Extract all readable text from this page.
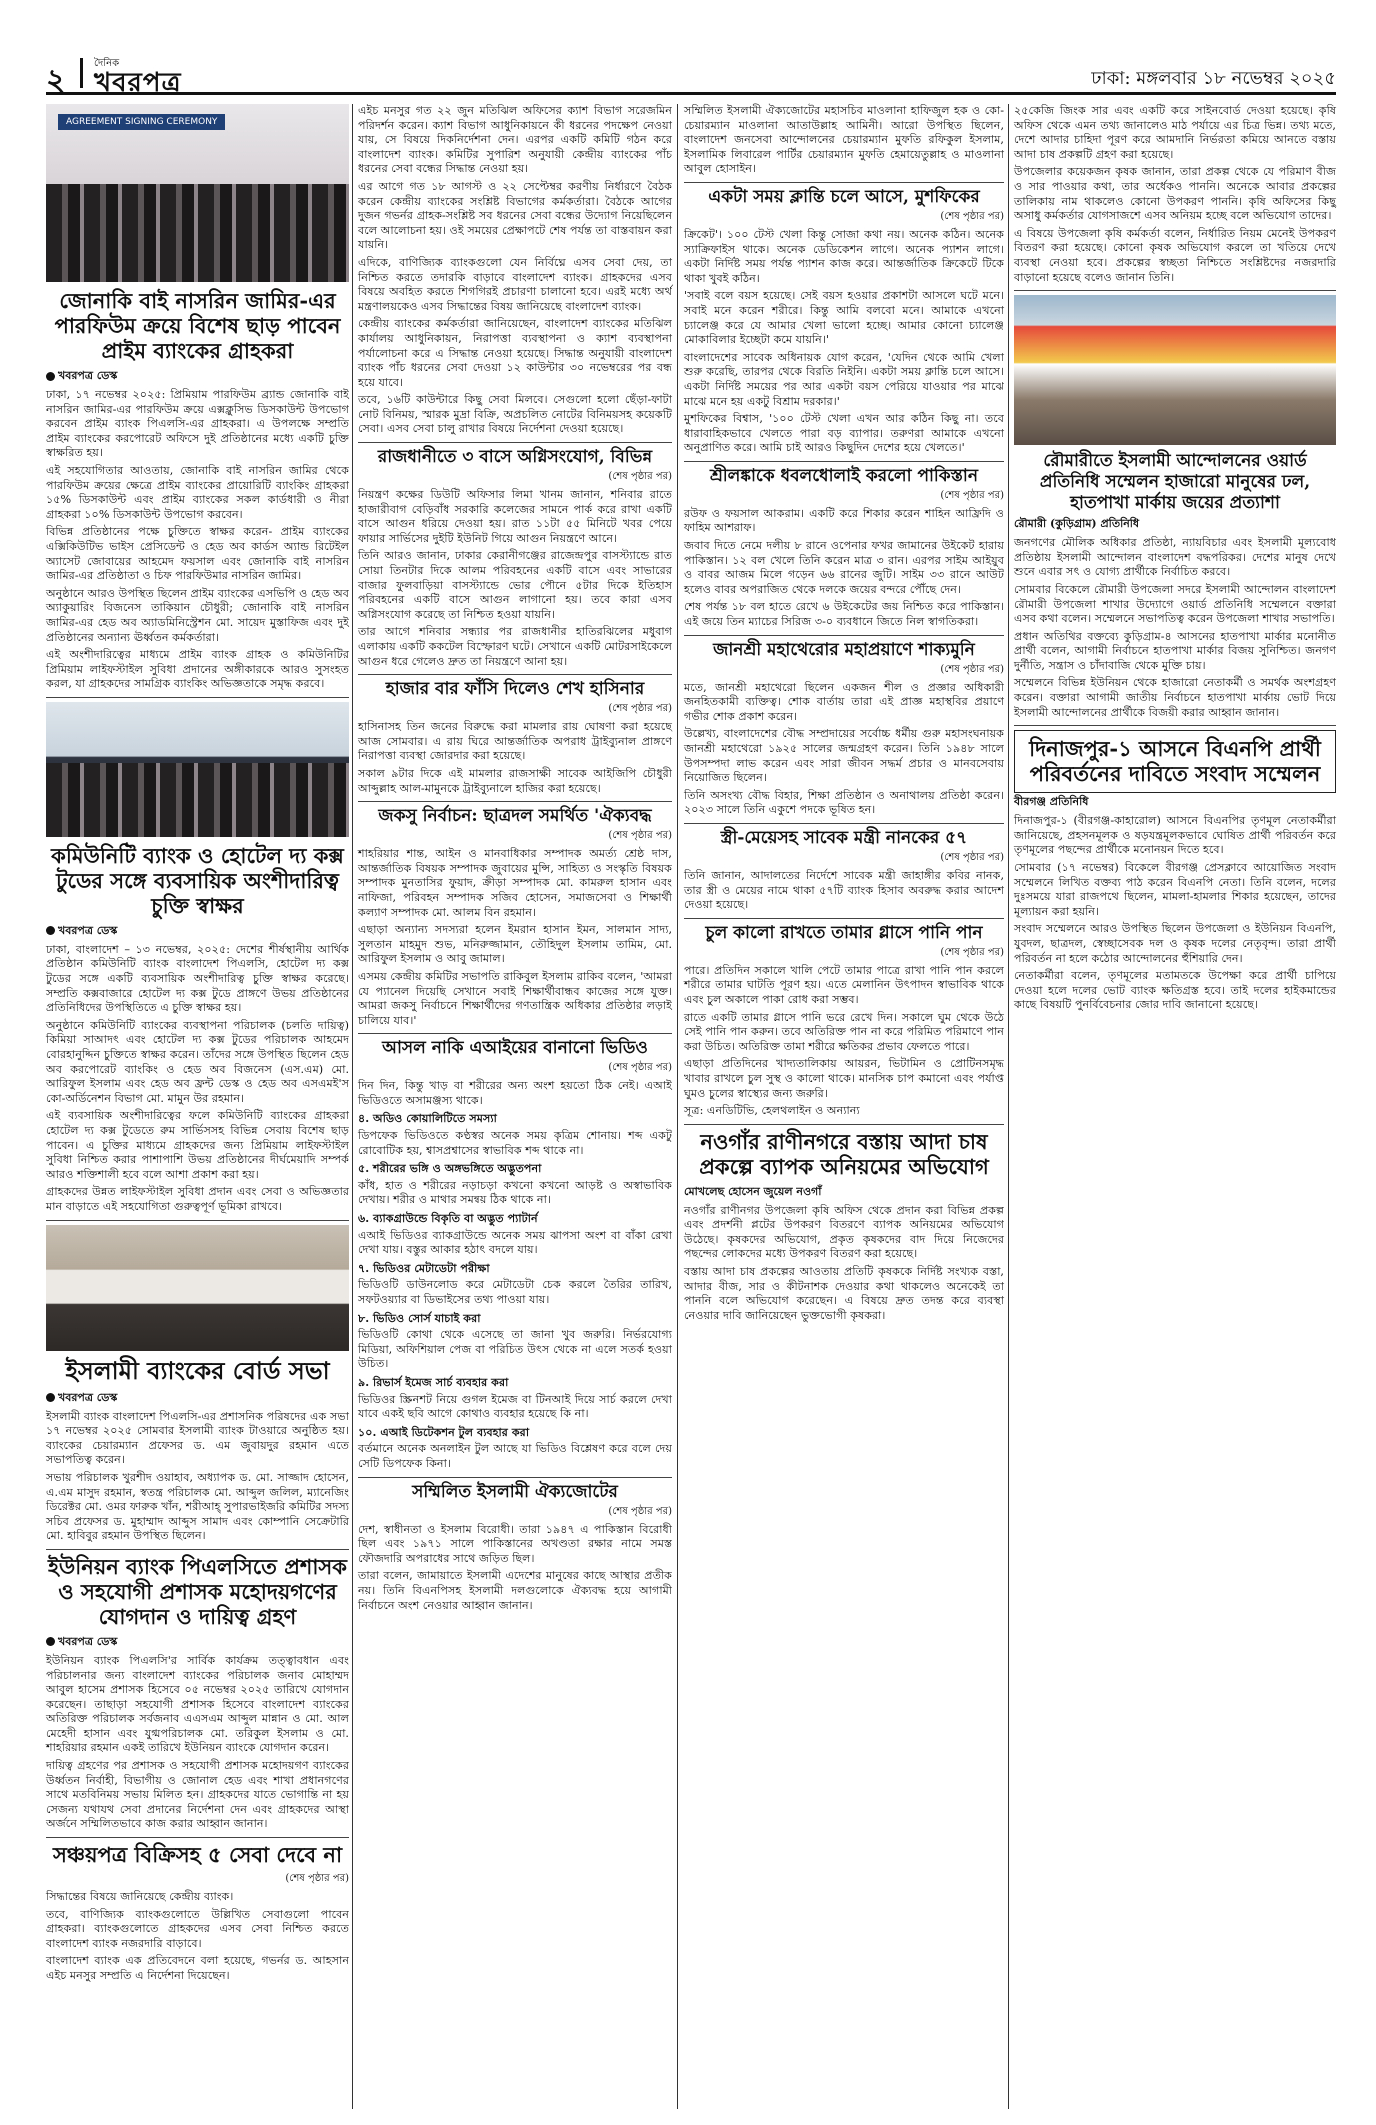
২	দৈনিক
খবরপত্র	ঢাকা: মঙ্গলবার ১৮ নভেম্বর ২০২৫
AGREEMENT SIGNING CEREMONY
জোনাকি বাই নাসরিন জামির-এর পারফিউম ক্রয়ে বিশেষ ছাড় পাবেন প্রাইম ব্যাংকের গ্রাহকরা
খবরপত্র ডেস্ক

ঢাকা, ১৭ নভেম্বর ২০২৫: প্রিমিয়াম পারফিউম ব্র্যান্ড জোনাকি বাই নাসরিন জামির-এর পারফিউম ক্রয়ে এক্সক্লুসিভ ডিসকাউন্ট উপভোগ করবেন প্রাইম ব্যাংক পিএলসি-এর গ্রাহকরা। এ উপলক্ষে সম্প্রতি প্রাইম ব্যাংকের করপোরেট অফিসে দুই প্রতিষ্ঠানের মধ্যে একটি চুক্তি স্বাক্ষরিত হয়।

এই সহযোগিতার আওতায়, জোনাকি বাই নাসরিন জামির থেকে পারফিউম ক্রয়ের ক্ষেত্রে প্রাইম ব্যাংকের প্রায়োরিটি ব্যাংকিং গ্রাহকরা ১৫% ডিসকাউন্ট এবং প্রাইম ব্যাংকের সকল কার্ডধারী ও নীরা গ্রাহকরা ১০% ডিসকাউন্ট উপভোগ করবেন।

বিভিন্ন প্রতিষ্ঠানের পক্ষে চুক্তিতে স্বাক্ষর করেন- প্রাইম ব্যাংকের এক্সিকিউটিভ ভাইস প্রেসিডেন্ট ও হেড অব কার্ডস অ্যান্ড রিটেইল অ্যাসেট জোবায়ের আহমেদ ফয়সাল এবং জোনাকি বাই নাসরিন জামির-এর প্রতিষ্ঠাতা ও চিফ পারফিউমার নাসরিন জামির।

অনুষ্ঠানে আরও উপস্থিত ছিলেন প্রাইম ব্যাংকের এসভিপি ও হেড অব অ্যাকুয়ারিং বিজনেস তাকিয়ান চৌধুরী; জোনাকি বাই নাসরিন জামির-এর হেড অব অ্যাডমিনিস্ট্রেশন মো. সায়েদ মুস্তাফিজ এবং দুই প্রতিষ্ঠানের অন্যান্য ঊর্ধ্বতন কর্মকর্তারা।

এই অংশীদারিত্বের মাধ্যমে প্রাইম ব্যাংক গ্রাহক ও কমিউনিটির প্রিমিয়াম লাইফস্টাইল সুবিধা প্রদানের অঙ্গীকারকে আরও সুসংহত করল, যা গ্রাহকদের সামগ্রিক ব্যাংকিং অভিজ্ঞতাকে সমৃদ্ধ করবে।

কমিউনিটি ব্যাংক ও হোটেল দ্য কক্স টুডের সঙ্গে ব্যবসায়িক অংশীদারিত্ব চুক্তি স্বাক্ষর
খবরপত্র ডেস্ক

ঢাকা, বাংলাদেশ – ১৩ নভেম্বর, ২০২৫: দেশের শীর্ষস্থানীয় আর্থিক প্রতিষ্ঠান কমিউনিটি ব্যাংক বাংলাদেশ পিএলসি, হোটেল দ্য কক্স টুডের সঙ্গে একটি ব্যবসায়িক অংশীদারিত্ব চুক্তি স্বাক্ষর করেছে। সম্প্রতি কক্সবাজারে হোটেল দ্য কক্স টুডে প্রাঙ্গণে উভয় প্রতিষ্ঠানের প্রতিনিধিদের উপস্থিতিতে এ চুক্তি স্বাক্ষর হয়।

অনুষ্ঠানে কমিউনিটি ব্যাংকের ব্যবস্থাপনা পরিচালক (চলতি দায়িত্ব) কিমিয়া সাআদৎ এবং হোটেল দ্য কক্স টুডের পরিচালক আহমেদ বোরহানুদ্দিন চুক্তিতে স্বাক্ষর করেন। তাঁদের সঙ্গে উপস্থিত ছিলেন হেড অব করপোরেট ব্যাংকিং ও হেড অব বিজনেস (এস.এম) মো. আরিফুল ইসলাম এবং হেড অব ফ্রন্ট ডেস্ক ও হেড অব এসএমই'স কো-অর্ডিনেশন বিভাগ মো. মামুন উর রহমান।

এই ব্যবসায়িক অংশীদারিত্বের ফলে কমিউনিটি ব্যাংকের গ্রাহকরা হোটেল দ্য কক্স টুডেতে রুম সার্ভিসসহ বিভিন্ন সেবায় বিশেষ ছাড় পাবেন। এ চুক্তির মাধ্যমে গ্রাহকদের জন্য প্রিমিয়াম লাইফস্টাইল সুবিধা নিশ্চিত করার পাশাপাশি উভয় প্রতিষ্ঠানের দীর্ঘমেয়াদি সম্পর্ক আরও শক্তিশালী হবে বলে আশা প্রকাশ করা হয়।

গ্রাহকদের উন্নত লাইফস্টাইল সুবিধা প্রদান এবং সেবা ও অভিজ্ঞতার মান বাড়াতে এই সহযোগিতা গুরুত্বপূর্ণ ভূমিকা রাখবে।

ইসলামী ব্যাংকের বোর্ড সভা
খবরপত্র ডেস্ক

ইসলামী ব্যাংক বাংলাদেশ পিএলসি-এর প্রশাসনিক পরিষদের এক সভা ১৭ নভেম্বর ২০২৫ সোমবার ইসলামী ব্যাংক টাওয়ারে অনুষ্ঠিত হয়। ব্যাংকের চেয়ারম্যান প্রফেসর ড. এম জুবায়দুর রহমান এতে সভাপতিত্ব করেন।

সভায় পরিচালক খুরশীদ ওয়াহাব, অধ্যাপক ড. মো. সাজ্জাদ হোসেন, এ.এম মাসুদ রহমান, স্বতন্ত্র পরিচালক মো. আব্দুল জলিল, ম্যানেজিং ডিরেক্টর মো. ওমর ফারুক খাঁন, শরীআহ্ সুপারভাইজরি কমিটির সদস্য সচিব প্রফেসর ড. মুহাম্মাদ আব্দুস সামাদ এবং কোম্পানি সেক্রেটারি মো. হাবিবুর রহমান উপস্থিত ছিলেন।

ইউনিয়ন ব্যাংক পিএলসিতে প্রশাসক ও সহযোগী প্রশাসক মহোদয়গণের যোগদান ও দায়িত্ব গ্রহণ
খবরপত্র ডেস্ক

ইউনিয়ন ব্যাংক পিএলসি'র সার্বিক কার্যক্রম তত্ত্বাবধান এবং পরিচালনার জন্য বাংলাদেশ ব্যাংকের পরিচালক জনাব মোহাম্মদ আবুল হাসেম প্রশাসক হিসেবে ০৫ নভেম্বর ২০২৫ তারিখে যোগদান করেছেন। তাছাড়া সহযোগী প্রশাসক হিসেবে বাংলাদেশ ব্যাংকের অতিরিক্ত পরিচালক সর্বজনাব এএসএম আব্দুল মান্নান ও মো. আল মেহেদী হাসান এবং যুগ্মপরিচালক মো. তরিকুল ইসলাম ও মো. শাহরিয়ার রহমান একই তারিখে ইউনিয়ন ব্যাংকে যোগদান করেন।

দায়িত্ব গ্রহণের পর প্রশাসক ও সহযোগী প্রশাসক মহোদয়গণ ব্যাংকের উর্ধ্বতন নির্বাহী, বিভাগীয় ও জোনাল হেড এবং শাখা প্রধানগণের সাথে মতবিনিময় সভায় মিলিত হন। গ্রাহকদের যাতে ভোগান্তি না হয় সেজন্য যথাযথ সেবা প্রদানের নির্দেশনা দেন এবং গ্রাহকদের আস্থা অর্জনে সম্মিলিতভাবে কাজ করার আহ্বান জানান।

সঞ্চয়পত্র বিক্রিসহ ৫ সেবা দেবে না
(শেষ পৃষ্ঠার পর)

সিদ্ধান্তের বিষয়ে জানিয়েছে কেন্দ্রীয় ব্যাংক।

তবে, বাণিজ্যিক ব্যাংকগুলোতে উল্লিখিত সেবাগুলো পাবেন গ্রাহকরা। ব্যাংকগুলোতে গ্রাহকদের এসব সেবা নিশ্চিত করতে বাংলাদেশ ব্যাংক নজরদারি বাড়াবে।

বাংলাদেশ ব্যাংক এক প্রতিবেদনে বলা হয়েছে, গভর্নর ড. আহসান এইচ মনসুর সম্প্রতি এ নির্দেশনা দিয়েছেন।

এইচ মনসুর গত ২২ জুন মতিঝিল অফিসের ক্যাশ বিভাগ সরেজমিন পরিদর্শন করেন। ক্যাশ বিভাগ আধুনিকায়নে কী ধরনের পদক্ষেপ নেওয়া যায়, সে বিষয়ে দিকনির্দেশনা দেন। এরপর একটি কমিটি গঠন করে বাংলাদেশ ব্যাংক। কমিটির সুপারিশ অনুযায়ী কেন্দ্রীয় ব্যাংকের পাঁচ ধরনের সেবা বন্ধের সিদ্ধান্ত নেওয়া হয়।

এর আগে গত ১৮ আগস্ট ও ২২ সেপ্টেম্বর করণীয় নির্ধারণে বৈঠক করেন কেন্দ্রীয় ব্যাংকের সংশ্লিষ্ট বিভাগের কর্মকর্তারা। বৈঠকে আগের দুজন গভর্নর গ্রাহক-সংশ্লিষ্ট সব ধরনের সেবা বন্ধের উদ্যোগ নিয়েছিলেন বলে আলোচনা হয়। ওই সময়ের প্রেক্ষাপটে শেষ পর্যন্ত তা বাস্তবায়ন করা যায়নি।

এদিকে, বাণিজ্যিক ব্যাংকগুলো যেন নির্বিঘ্নে এসব সেবা দেয়, তা নিশ্চিত করতে তদারকি বাড়াবে বাংলাদেশ ব্যাংক। গ্রাহকদের এসব বিষয়ে অবহিত করতে শিগগিরই প্রচারণা চালানো হবে। এরই মধ্যে অর্থ মন্ত্রণালয়কেও এসব সিদ্ধান্তের বিষয় জানিয়েছে বাংলাদেশ ব্যাংক।

কেন্দ্রীয় ব্যাংকের কর্মকর্তারা জানিয়েছেন, বাংলাদেশ ব্যাংকের মতিঝিল কার্যালয় আধুনিকায়ন, নিরাপত্তা ব্যবস্থাপনা ও ক্যাশ ব্যবস্থাপনা পর্যালোচনা করে এ সিদ্ধান্ত নেওয়া হয়েছে। সিদ্ধান্ত অনুযায়ী বাংলাদেশ ব্যাংক পাঁচ ধরনের সেবা দেওয়া ১২ কাউন্টার ৩০ নভেম্বরের পর বন্ধ হয়ে যাবে।

তবে, ১৬টি কাউন্টারে কিছু সেবা মিলবে। সেগুলো হলো ছেঁড়া-ফাটা নোট বিনিময়, স্মারক মুদ্রা বিক্রি, অপ্রচলিত নোটের বিনিময়সহ কয়েকটি সেবা। এসব সেবা চালু রাখার বিষয়ে নির্দেশনা দেওয়া হয়েছে।

রাজধানীতে ৩ বাসে অগ্নিসংযোগ, বিভিন্ন
(শেষ পৃষ্ঠার পর)

নিয়ন্ত্রণ কক্ষের ডিউটি অফিসার লিমা খানম জানান, শনিবার রাতে হাজারীবাগ বেড়িবাঁধ সরকারি কলেজের সামনে পার্ক করে রাখা একটি বাসে আগুন ধরিয়ে দেওয়া হয়। রাত ১১টা ৫৫ মিনিটে খবর পেয়ে ফায়ার সার্ভিসের দুইটি ইউনিট গিয়ে আগুন নিয়ন্ত্রণে আনে।

তিনি আরও জানান, ঢাকার কেরানীগঞ্জের রাজেন্দ্রপুর বাসস্ট্যান্ডে রাত সোয়া তিনটার দিকে আলম পরিবহনের একটি বাসে এবং সাভারের বাজার ফুলবাড়িয়া বাসস্ট্যান্ডে ভোর পৌনে ৫টার দিকে ইতিহাস পরিবহনের একটি বাসে আগুন লাগানো হয়। তবে কারা এসব অগ্নিসংযোগ করেছে তা নিশ্চিত হওয়া যায়নি।

তার আগে শনিবার সন্ধ্যার পর রাজধানীর হাতিরঝিলের মধুবাগ এলাকায় একটি ককটেল বিস্ফোরণ ঘটে। সেখানে একটি মোটরসাইকেলে আগুন ধরে গেলেও দ্রুত তা নিয়ন্ত্রণে আনা হয়।

হাজার বার ফাঁসি দিলেও শেখ হাসিনার
(শেষ পৃষ্ঠার পর)

হাসিনাসহ তিন জনের বিরুদ্ধে করা মামলার রায় ঘোষণা করা হয়েছে আজ সোমবার। এ রায় ঘিরে আন্তর্জাতিক অপরাধ ট্রাইব্যুনাল প্রাঙ্গণে নিরাপত্তা ব্যবস্থা জোরদার করা হয়েছে।

সকাল ৯টার দিকে এই মামলার রাজসাক্ষী সাবেক আইজিপি চৌধুরী আব্দুল্লাহ আল-মামুনকে ট্রাইব্যুনালে হাজির করা হয়েছে।

জকসু নির্বাচন: ছাত্রদল সমর্থিত 'ঐক্যবদ্ধ
(শেষ পৃষ্ঠার পর)

শাহরিয়ার শান্ত, আইন ও মানবাধিকার সম্পাদক অমর্ত্য শ্রেষ্ঠ দাস, আন্তর্জাতিক বিষয়ক সম্পাদক জুবায়ের মুন্সি, সাহিত্য ও সংস্কৃতি বিষয়ক সম্পাদক মুনতাসির ফুয়াদ, ক্রীড়া সম্পাদক মো. কামরুল হাসান এবং নাফিজা, পরিবহন সম্পাদক সজিব হোসেন, সমাজসেবা ও শিক্ষার্থী কল্যাণ সম্পাদক মো. আলম বিন রহমান।

এছাড়া অন্যান্য সদস্যরা হলেন ইমরান হাসান ইমন, সালমান সাদ্য, সুলতান মাহমুদ শুভ, মনিরুজ্জামান, তৌহিদুল ইসলাম তামিম, মো. আরিফুল ইসলাম ও আবু জামাল।

এসময় কেন্দ্রীয় কমিটির সভাপতি রাকিবুল ইসলাম রাকিব বলেন, 'আমরা যে প্যানেল দিয়েছি সেখানে সবাই শিক্ষার্থীবান্ধব কাজের সঙ্গে যুক্ত। আমরা জকসু নির্বাচনে শিক্ষার্থীদের গণতান্ত্রিক অধিকার প্রতিষ্ঠার লড়াই চালিয়ে যাব।'

আসল নাকি এআইয়ের বানানো ভিডিও
(শেষ পৃষ্ঠার পর)

দিন দিন, কিন্তু খাড় বা শরীরের অন্য অংশ হয়তো ঠিক নেই। এআই ভিডিওতে অসামঞ্জস্য থাকে।

৪. অডিও কোয়ালিটিতে সমস্যা

ডিপফেক ভিডিওতে কণ্ঠস্বর অনেক সময় কৃত্রিম শোনায়। শব্দ একটু রোবোটিক হয়, শ্বাসপ্রশ্বাসের স্বাভাবিক শব্দ থাকে না।

৫. শরীরের ভঙ্গি ও অঙ্গভঙ্গিতে অদ্ভুতপনা

কাঁধ, হাত ও শরীরের নড়াচড়া কখনো কখনো আড়ষ্ট ও অস্বাভাবিক দেখায়। শরীর ও মাথার সমন্বয় ঠিক থাকে না।

৬. ব্যাকগ্রাউন্ডে বিকৃতি বা অদ্ভুত প্যাটার্ন

এআই ভিডিওর ব্যাকগ্রাউন্ডে অনেক সময় ঝাপসা অংশ বা বাঁকা রেখা দেখা যায়। বস্তুর আকার হঠাৎ বদলে যায়।

৭. ভিডিওর মেটাডেটা পরীক্ষা

ভিডিওটি ডাউনলোড করে মেটাডেটা চেক করলে তৈরির তারিখ, সফটওয়্যার বা ডিভাইসের তথ্য পাওয়া যায়।

৮. ভিডিও সোর্স যাচাই করা

ভিডিওটি কোথা থেকে এসেছে তা জানা খুব জরুরি। নির্ভরযোগ্য মিডিয়া, অফিশিয়াল পেজ বা পরিচিত উৎস থেকে না এলে সতর্ক হওয়া উচিত।

৯. রিভার্স ইমেজ সার্চ ব্যবহার করা

ভিডিওর স্ক্রিনশট নিয়ে গুগল ইমেজ বা টিনআই দিয়ে সার্চ করলে দেখা যাবে একই ছবি আগে কোথাও ব্যবহার হয়েছে কি না।

১০. এআই ডিটেকশন টুল ব্যবহার করা

বর্তমানে অনেক অনলাইন টুল আছে যা ভিডিও বিশ্লেষণ করে বলে দেয় সেটি ডিপফেক কিনা।

সম্মিলিত ইসলামী ঐক্যজোটের
(শেষ পৃষ্ঠার পর)

দেশ, স্বাধীনতা ও ইসলাম বিরোধী। তারা ১৯৪৭ এ পাকিস্তান বিরোধী ছিল এবং ১৯৭১ সালে পাকিস্তানের অখণ্ডতা রক্ষার নামে সমস্ত ফৌজদারি অপরাধের সাথে জড়িত ছিল।

তারা বলেন, জামায়াতে ইসলামী এদেশের মানুষের কাছে আস্থার প্রতীক নয়। তিনি বিএনপিসহ ইসলামী দলগুলোকে ঐক্যবদ্ধ হয়ে আগামী নির্বাচনে অংশ নেওয়ার আহ্বান জানান।

সম্মিলিত ইসলামী ঐক্যজোটের মহাসচিব মাওলানা হাফিজুল হক ও কো-চেয়ারম্যান মাওলানা আতাউল্লাহ আমিনী। আরো উপস্থিত ছিলেন, বাংলাদেশ জনসেবা আন্দোলনের চেয়ারম্যান মুফতি রফিকুল ইসলাম, ইসলামিক লিবারেল পার্টির চেয়ারম্যান মুফতি হেমায়েতুল্লাহ ও মাওলানা আবুল হোসাইন।

একটা সময় ক্লান্তি চলে আসে, মুশফিকের
(শেষ পৃষ্ঠার পর)

ক্রিকেট'। ১০০ টেস্ট খেলা কিন্তু সোজা কথা নয়। অনেক কঠিন। অনেক স্যাক্রিফাইস থাকে। অনেক ডেডিকেশন লাগে। অনেক প্যাশন লাগে। একটা নির্দিষ্ট সময় পর্যন্ত প্যাশন কাজ করে। আন্তর্জাতিক ক্রিকেটে টিকে থাকা খুবই কঠিন।

'সবাই বলে বয়স হয়েছে। সেই বয়স হওয়ার প্রকাশটা আসলে ঘটে মনে। সবাই মনে করেন শরীরে। কিন্তু আমি বলবো মনে। আমাকে এখনো চ্যালেঞ্জ করে যে আমার খেলা ভালো হচ্ছে। আমার কোনো চ্যালেঞ্জ মোকাবিলার ইচ্ছেটা কমে যায়নি।'

বাংলাদেশের সাবেক অধিনায়ক যোগ করেন, 'যেদিন থেকে আমি খেলা শুরু করেছি, তারপর থেকে বিরতি নিইনি। একটা সময় ক্লান্তি চলে আসে। একটা নির্দিষ্ট সময়ের পর আর একটা বয়স পেরিয়ে যাওয়ার পর মাঝে মাঝে মনে হয় একটু বিশ্রাম দরকার।'

মুশফিকের বিশ্বাস, '১০০ টেস্ট খেলা এখন আর কঠিন কিছু না। তবে ধারাবাহিকভাবে খেলতে পারা বড় ব্যাপার। তরুণরা আমাকে এখনো অনুপ্রাণিত করে। আমি চাই আরও কিছুদিন দেশের হয়ে খেলতে।'

শ্রীলঙ্কাকে ধবলধোলাই করলো পাকিস্তান
(শেষ পৃষ্ঠার পর)

রউফ ও ফয়সাল আকরাম। একটি করে শিকার করেন শাহিন আফ্রিদি ও ফাহিম আশরাফ।

জবাব দিতে নেমে দলীয় ৮ রানে ওপেনার ফখর জামানের উইকেট হারায় পাকিস্তান। ১২ বল খেলে তিনি করেন মাত্র ৩ রান। এরপর সাইম আইয়ুব ও বাবর আজম মিলে গড়েন ৬৬ রানের জুটি। সাইম ৩৩ রানে আউট হলেও বাবর অপরাজিত থেকে দলকে জয়ের বন্দরে পৌঁছে দেন।

শেষ পর্যন্ত ১৮ বল হাতে রেখে ৬ উইকেটের জয় নিশ্চিত করে পাকিস্তান। এই জয়ে তিন ম্যাচের সিরিজ ৩-০ ব্যবধানে জিতে নিল স্বাগতিকরা।

জানশ্রী মহাথেরোর মহাপ্রয়াণে শাক্যমুনি
(শেষ পৃষ্ঠার পর)

মতে, জানশ্রী মহাথেরো ছিলেন একজন শীল ও প্রজ্ঞার অধিকারী জনহিতকামী ব্যক্তিত্ব। শোক বার্তায় তারা এই প্রাজ্ঞ মহাস্থবির প্রয়াণে গভীর শোক প্রকাশ করেন।

উল্লেখ্য, বাংলাদেশের বৌদ্ধ সম্প্রদায়ের সর্বোচ্চ ধর্মীয় গুরু মহাসংঘনায়ক জানশ্রী মহাথেরো ১৯২৫ সালের জন্মগ্রহণ করেন। তিনি ১৯৪৮ সালে উপসম্পদা লাভ করেন এবং সারা জীবন সদ্ধর্ম প্রচার ও মানবসেবায় নিয়োজিত ছিলেন।

তিনি অসংখ্য বৌদ্ধ বিহার, শিক্ষা প্রতিষ্ঠান ও অনাথালয় প্রতিষ্ঠা করেন। ২০২৩ সালে তিনি একুশে পদকে ভূষিত হন।

স্ত্রী-মেয়েসহ সাবেক মন্ত্রী নানকের ৫৭
(শেষ পৃষ্ঠার পর)

তিনি জানান, আদালতের নির্দেশে সাবেক মন্ত্রী জাহাঙ্গীর কবির নানক, তার স্ত্রী ও মেয়ের নামে থাকা ৫৭টি ব্যাংক হিসাব অবরুদ্ধ করার আদেশ দেওয়া হয়েছে।

চুল কালো রাখতে তামার গ্লাসে পানি পান
(শেষ পৃষ্ঠার পর)

পারে। প্রতিদিন সকালে খালি পেটে তামার পাত্রে রাখা পানি পান করলে শরীরে তামার ঘাটতি পূরণ হয়। এতে মেলানিন উৎপাদন স্বাভাবিক থাকে এবং চুল অকালে পাকা রোধ করা সম্ভব।

রাতে একটি তামার গ্লাসে পানি ভরে রেখে দিন। সকালে ঘুম থেকে উঠে সেই পানি পান করুন। তবে অতিরিক্ত পান না করে পরিমিত পরিমাণে পান করা উচিত। অতিরিক্ত তামা শরীরে ক্ষতিকর প্রভাব ফেলতে পারে।

এছাড়া প্রতিদিনের খাদ্যতালিকায় আয়রন, ভিটামিন ও প্রোটিনসমৃদ্ধ খাবার রাখলে চুল সুস্থ ও কালো থাকে। মানসিক চাপ কমানো এবং পর্যাপ্ত ঘুমও চুলের স্বাস্থ্যের জন্য জরুরি।

সূত্র: এনডিটিভি, হেলথলাইন ও অন্যান্য

নওগাঁর রাণীনগরে বস্তায় আদা চাষ প্রকল্পে ব্যাপক অনিয়মের অভিযোগ
মোখলেছ হোসেন জুয়েল নওগাঁ

নওগাঁর রাণীনগর উপজেলা কৃষি অফিস থেকে প্রদান করা বিভিন্ন প্রকল্প এবং প্রদর্শনী প্লটের উপকরণ বিতরণে ব্যাপক অনিয়মের অভিযোগ উঠেছে। কৃষকদের অভিযোগ, প্রকৃত কৃষকদের বাদ দিয়ে নিজেদের পছন্দের লোকদের মধ্যে উপকরণ বিতরণ করা হয়েছে।

বস্তায় আদা চাষ প্রকল্পের আওতায় প্রতিটি কৃষককে নির্দিষ্ট সংখ্যক বস্তা, আদার বীজ, সার ও কীটনাশক দেওয়ার কথা থাকলেও অনেকেই তা পাননি বলে অভিযোগ করেছেন। এ বিষয়ে দ্রুত তদন্ত করে ব্যবস্থা নেওয়ার দাবি জানিয়েছেন ভুক্তভোগী কৃষকরা।

২৫কেজি জিংক সার এবং একটি করে সাইনবোর্ড দেওয়া হয়েছে। কৃষি অফিস থেকে এমন তথ্য জানালেও মাঠ পর্যায়ে এর চিত্র ভিন্ন। তথ্য মতে, দেশে আদার চাহিদা পূরণ করে আমদানি নির্ভরতা কমিয়ে আনতে বস্তায় আদা চাষ প্রকল্পটি গ্রহণ করা হয়েছে।

উপজেলার কয়েকজন কৃষক জানান, তারা প্রকল্প থেকে যে পরিমাণ বীজ ও সার পাওয়ার কথা, তার অর্ধেকও পাননি। অনেকে আবার প্রকল্পের তালিকায় নাম থাকলেও কোনো উপকরণ পাননি। কৃষি অফিসের কিছু অসাধু কর্মকর্তার যোগসাজশে এসব অনিয়ম হচ্ছে বলে অভিযোগ তাদের।

এ বিষয়ে উপজেলা কৃষি কর্মকর্তা বলেন, নির্ধারিত নিয়ম মেনেই উপকরণ বিতরণ করা হয়েছে। কোনো কৃষক অভিযোগ করলে তা খতিয়ে দেখে ব্যবস্থা নেওয়া হবে। প্রকল্পের স্বচ্ছতা নিশ্চিতে সংশ্লিষ্টদের নজরদারি বাড়ানো হয়েছে বলেও জানান তিনি।

রৌমারীতে ইসলামী আন্দোলনের ওয়ার্ড প্রতিনিধি সম্মেলন হাজারো মানুষের ঢল, হাতপাখা মার্কায় জয়ের প্রত্যাশা
রৌমারী (কুড়িগ্রাম) প্রতিনিধি

জনগণের মৌলিক অধিকার প্রতিষ্ঠা, ন্যায়বিচার এবং ইসলামী মূল্যবোধ প্রতিষ্ঠায় ইসলামী আন্দোলন বাংলাদেশ বদ্ধপরিকর। দেশের মানুষ দেখে শুনে এবার সৎ ও যোগ্য প্রার্থীকে নির্বাচিত করবে।

সোমবার বিকেলে রৌমারী উপজেলা সদরে ইসলামী আন্দোলন বাংলাদেশ রৌমারী উপজেলা শাখার উদ্যোগে ওয়ার্ড প্রতিনিধি সম্মেলনে বক্তারা এসব কথা বলেন। সম্মেলনে সভাপতিত্ব করেন উপজেলা শাখার সভাপতি।

প্রধান অতিথির বক্তব্যে কুড়িগ্রাম-৪ আসনের হাতপাখা মার্কার মনোনীত প্রার্থী বলেন, আগামী নির্বাচনে হাতপাখা মার্কার বিজয় সুনিশ্চিত। জনগণ দুর্নীতি, সন্ত্রাস ও চাঁদাবাজি থেকে মুক্তি চায়।

সম্মেলনে বিভিন্ন ইউনিয়ন থেকে হাজারো নেতাকর্মী ও সমর্থক অংশগ্রহণ করেন। বক্তারা আগামী জাতীয় নির্বাচনে হাতপাখা মার্কায় ভোট দিয়ে ইসলামী আন্দোলনের প্রার্থীকে বিজয়ী করার আহ্বান জানান।

দিনাজপুর-১ আসনে বিএনপি প্রার্থী পরিবর্তনের দাবিতে সংবাদ সম্মেলন
বীরগঞ্জ প্রতিনিধি

দিনাজপুর-১ (বীরগঞ্জ-কাহারোল) আসনে বিএনপির তৃণমূল নেতাকর্মীরা জানিয়েছে, প্রহসনমূলক ও ষড়যন্ত্রমূলকভাবে ঘোষিত প্রার্থী পরিবর্তন করে তৃণমূলের পছন্দের প্রার্থীকে মনোনয়ন দিতে হবে।

সোমবার (১৭ নভেম্বর) বিকেলে বীরগঞ্জ প্রেসক্লাবে আয়োজিত সংবাদ সম্মেলনে লিখিত বক্তব্য পাঠ করেন বিএনপি নেতা। তিনি বলেন, দলের দুঃসময়ে যারা রাজপথে ছিলেন, মামলা-হামলার শিকার হয়েছেন, তাদের মূল্যায়ন করা হয়নি।

সংবাদ সম্মেলনে আরও উপস্থিত ছিলেন উপজেলা ও ইউনিয়ন বিএনপি, যুবদল, ছাত্রদল, স্বেচ্ছাসেবক দল ও কৃষক দলের নেতৃবৃন্দ। তারা প্রার্থী পরিবর্তন না হলে কঠোর আন্দোলনের হুঁশিয়ারি দেন।

নেতাকর্মীরা বলেন, তৃণমূলের মতামতকে উপেক্ষা করে প্রার্থী চাপিয়ে দেওয়া হলে দলের ভোট ব্যাংক ক্ষতিগ্রস্ত হবে। তাই দলের হাইকমান্ডের কাছে বিষয়টি পুনর্বিবেচনার জোর দাবি জানানো হয়েছে।
